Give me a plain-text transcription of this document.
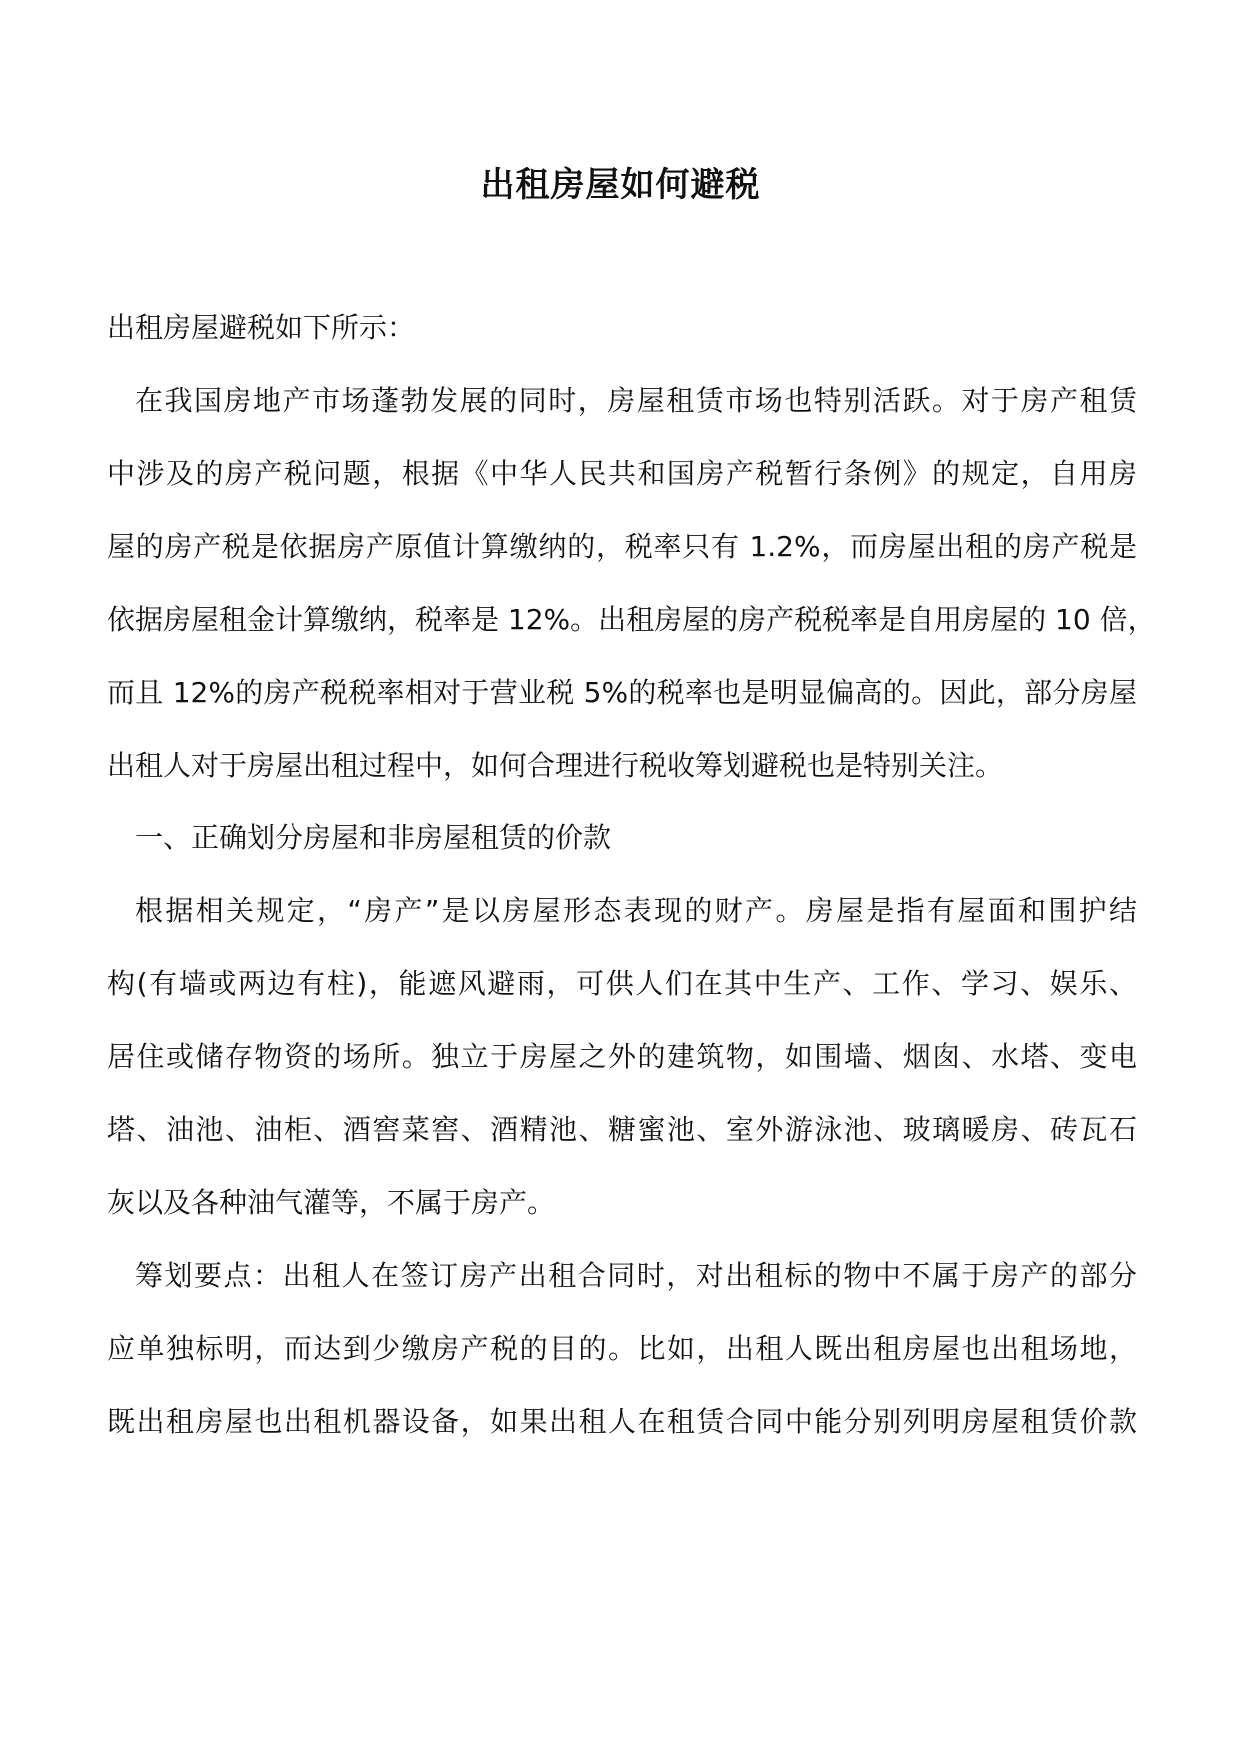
出租房屋如何避税

出租房屋避税如下所示：

在我国房地产市场蓬勃发展的同时，房屋租赁市场也特别活跃。对于房产租赁

中涉及的房产税问题，根据《中华人民共和国房产税暂行条例》的规定，自用房

屋的房产税是依据房产原值计算缴纳的，税率只有 1.2%，而房屋出租的房产税是

依据房屋租金计算缴纳，税率是 12%。出租房屋的房产税税率是自用房屋的 10 倍，

而且 12%的房产税税率相对于营业税 5%的税率也是明显偏高的。因此，部分房屋

出租人对于房屋出租过程中，如何合理进行税收筹划避税也是特别关注。

一、正确划分房屋和非房屋租赁的价款

根据相关规定，“房产”是以房屋形态表现的财产。房屋是指有屋面和围护结

构(有墙或两边有柱)，能遮风避雨，可供人们在其中生产、工作、学习、娱乐、

居住或储存物资的场所。独立于房屋之外的建筑物，如围墙、烟囱、水塔、变电

塔、油池、油柜、酒窖菜窖、酒精池、糖蜜池、室外游泳池、玻璃暖房、砖瓦石

灰以及各种油气灌等，不属于房产。

筹划要点：出租人在签订房产出租合同时，对出租标的物中不属于房产的部分

应单独标明，而达到少缴房产税的目的。比如，出租人既出租房屋也出租场地，

既出租房屋也出租机器设备，如果出租人在租赁合同中能分别列明房屋租赁价款
